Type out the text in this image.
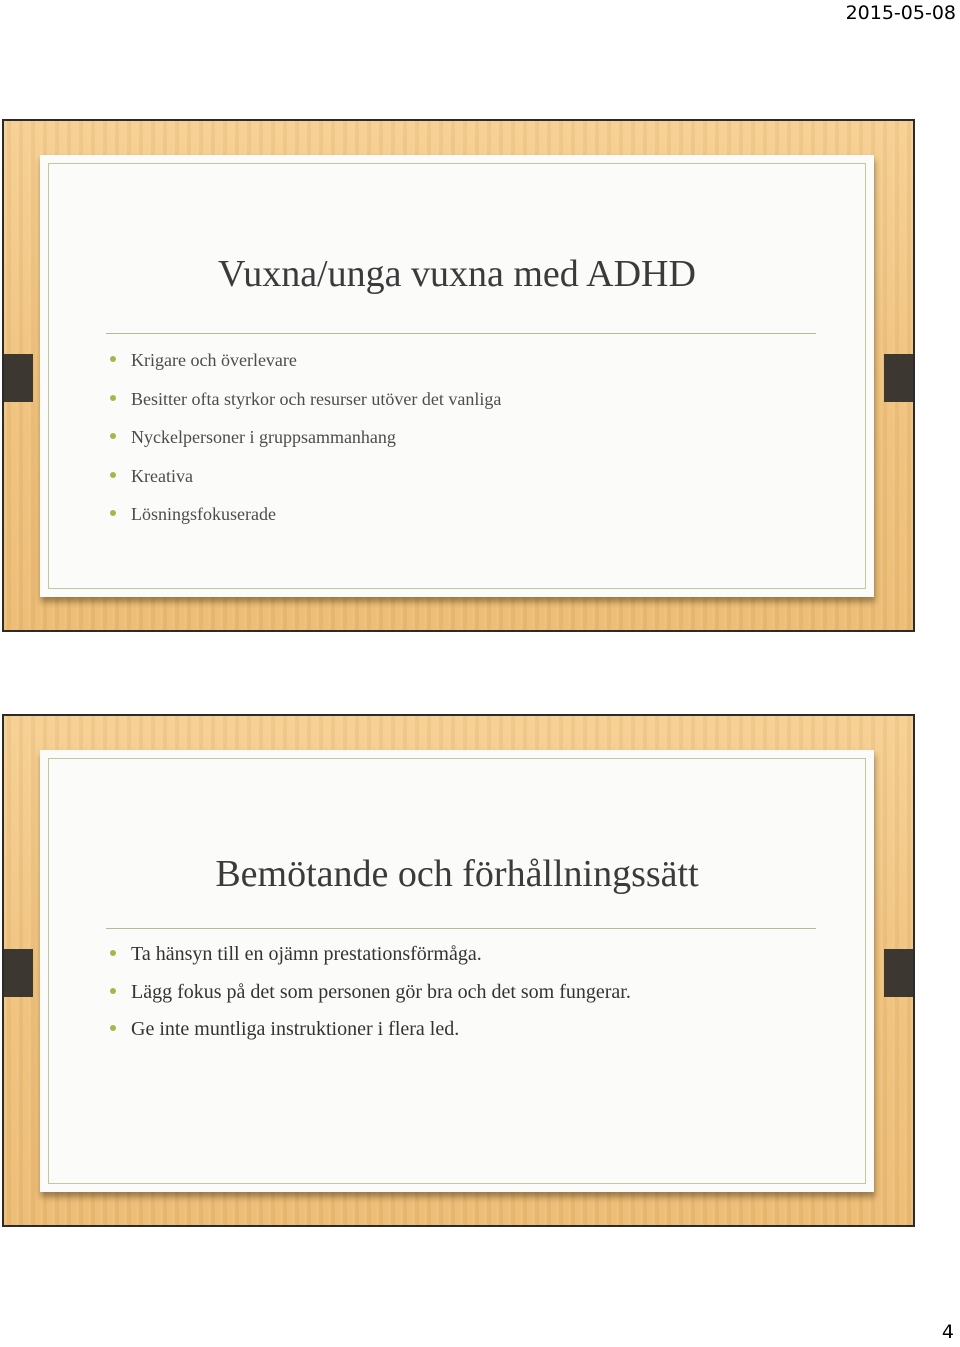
2015-05-08
Vuxna/unga vuxna med ADHD
Krigare och överlevare
Besitter ofta styrkor och resurser utöver det vanliga
Nyckelpersoner i gruppsammanhang
Kreativa
Lösningsfokuserade
Bemötande och förhållningssätt
Ta hänsyn till en ojämn prestationsförmåga.
Lägg fokus på det som personen gör bra och det som fungerar.
Ge inte muntliga instruktioner i flera led.
4
